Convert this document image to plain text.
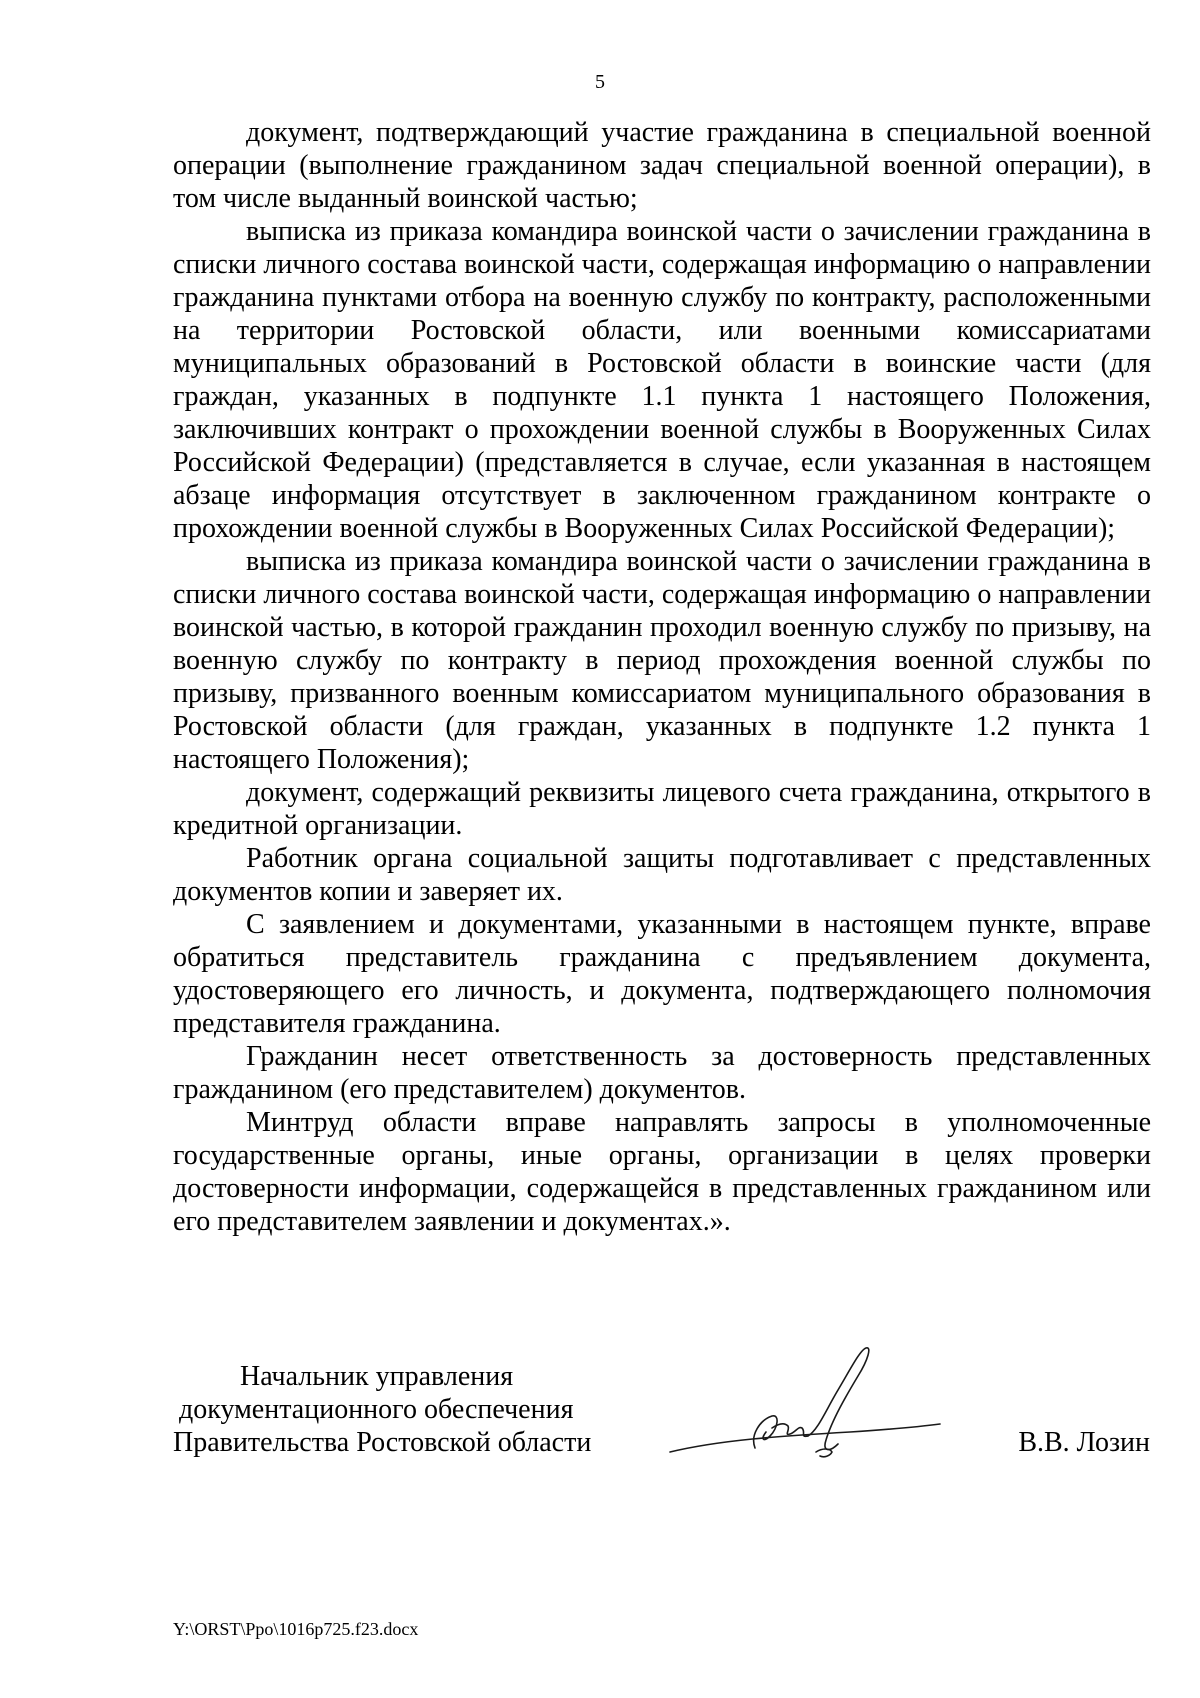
5

документ, подтверждающий участие гражданина в специальной военной операции (выполнение гражданином задач специальной военной операции), в том числе выданный воинской частью;

выписка из приказа командира воинской части о зачислении гражданина в списки личного состава воинской части, содержащая информацию о направлении гражданина пунктами отбора на военную службу по контракту, расположенными на территории Ростовской области, или военными комиссариатами муниципальных образований в Ростовской области в воинские части (для граждан, указанных в подпункте 1.1 пункта 1 настоящего Положения, заключивших контракт о прохождении военной службы в Вооруженных Силах Российской Федерации) (представляется в случае, если указанная в настоящем абзаце информация отсутствует в заключенном гражданином контракте о прохождении военной службы в Вооруженных Силах Российской Федерации);

выписка из приказа командира воинской части о зачислении гражданина в списки личного состава воинской части, содержащая информацию о направлении воинской частью, в которой гражданин проходил военную службу по призыву, на военную службу по контракту в период прохождения военной службы по призыву, призванного военным комиссариатом муниципального образования в Ростовской области (для граждан, указанных в подпункте 1.2 пункта 1 настоящего Положения);

документ, содержащий реквизиты лицевого счета гражданина, открытого в кредитной организации.

Работник органа социальной защиты подготавливает с представленных документов копии и заверяет их.

С заявлением и документами, указанными в настоящем пункте, вправе обратиться представитель гражданина с предъявлением документа, удостоверяющего его личность, и документа, подтверждающего полномочия представителя гражданина.

Гражданин несет ответственность за достоверность представленных гражданином (его представителем) документов.

Минтруд области вправе направлять запросы в уполномоченные государственные органы, иные органы, организации в целях проверки достоверности информации, содержащейся в представленных гражданином или его представителем заявлении и документах.».

Начальник управления
документационного обеспечения
Правительства Ростовской области	В.В. Лозин
Y:\ORST\Ppo\1016p725.f23.docx
